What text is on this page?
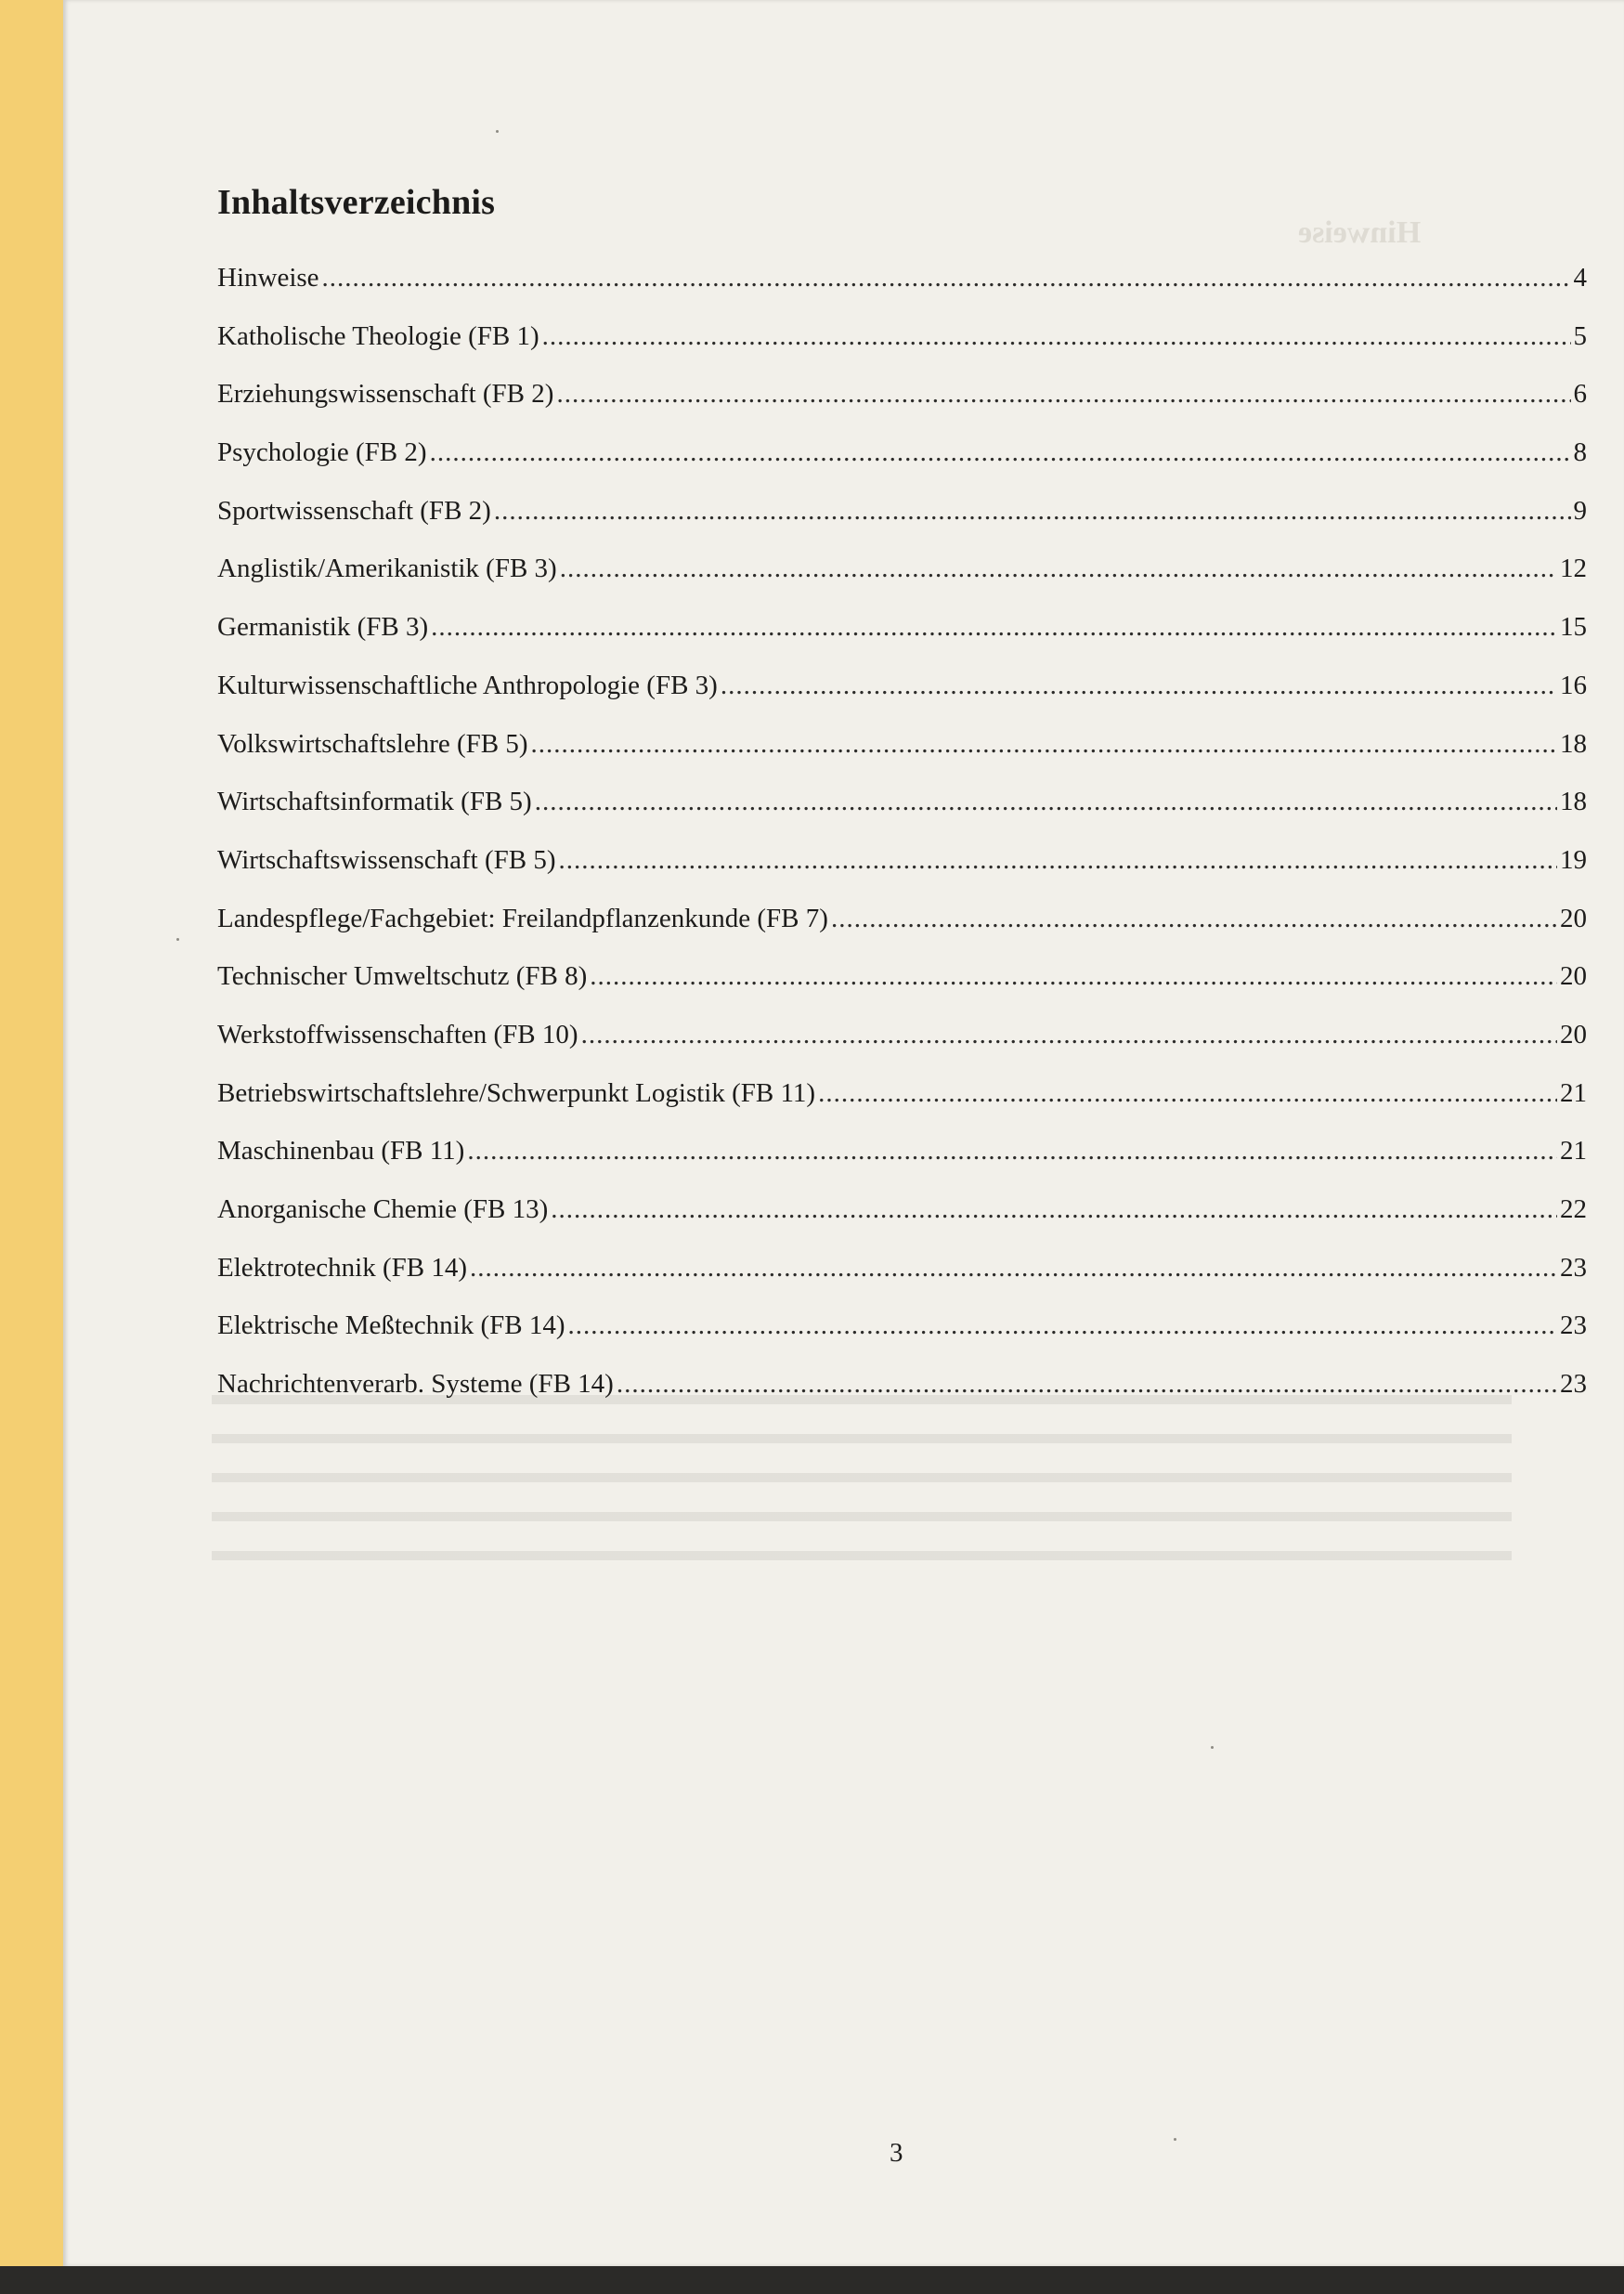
Hinweise
Inhaltsverzeichnis
Hinweise .....	4
Katholische Theologie (FB 1) .....	5
Erziehungswissenschaft (FB 2) .....	6
Psychologie (FB 2) .....	8
Sportwissenschaft (FB 2) .....	9
Anglistik/Amerikanistik (FB 3) .....	12
Germanistik (FB 3) .....	15
Kulturwissenschaftliche Anthropologie (FB 3) .....	16
Volkswirtschaftslehre (FB 5) .....	18
Wirtschaftsinformatik (FB 5) .....	18
Wirtschaftswissenschaft (FB 5) .....	19
Landespflege/Fachgebiet: Freilandpflanzenkunde (FB 7) .....	20
Technischer Umweltschutz (FB 8) .....	20
Werkstoffwissenschaften (FB 10) .....	20
Betriebswirtschaftslehre/Schwerpunkt Logistik (FB 11) .....	21
Maschinenbau (FB 11) .....	21
Anorganische Chemie (FB 13) .....	22
Elektrotechnik (FB 14) .....	23
Elektrische Meßtechnik (FB 14) .....	23
Nachrichtenverarb. Systeme (FB 14) .....	23
3
